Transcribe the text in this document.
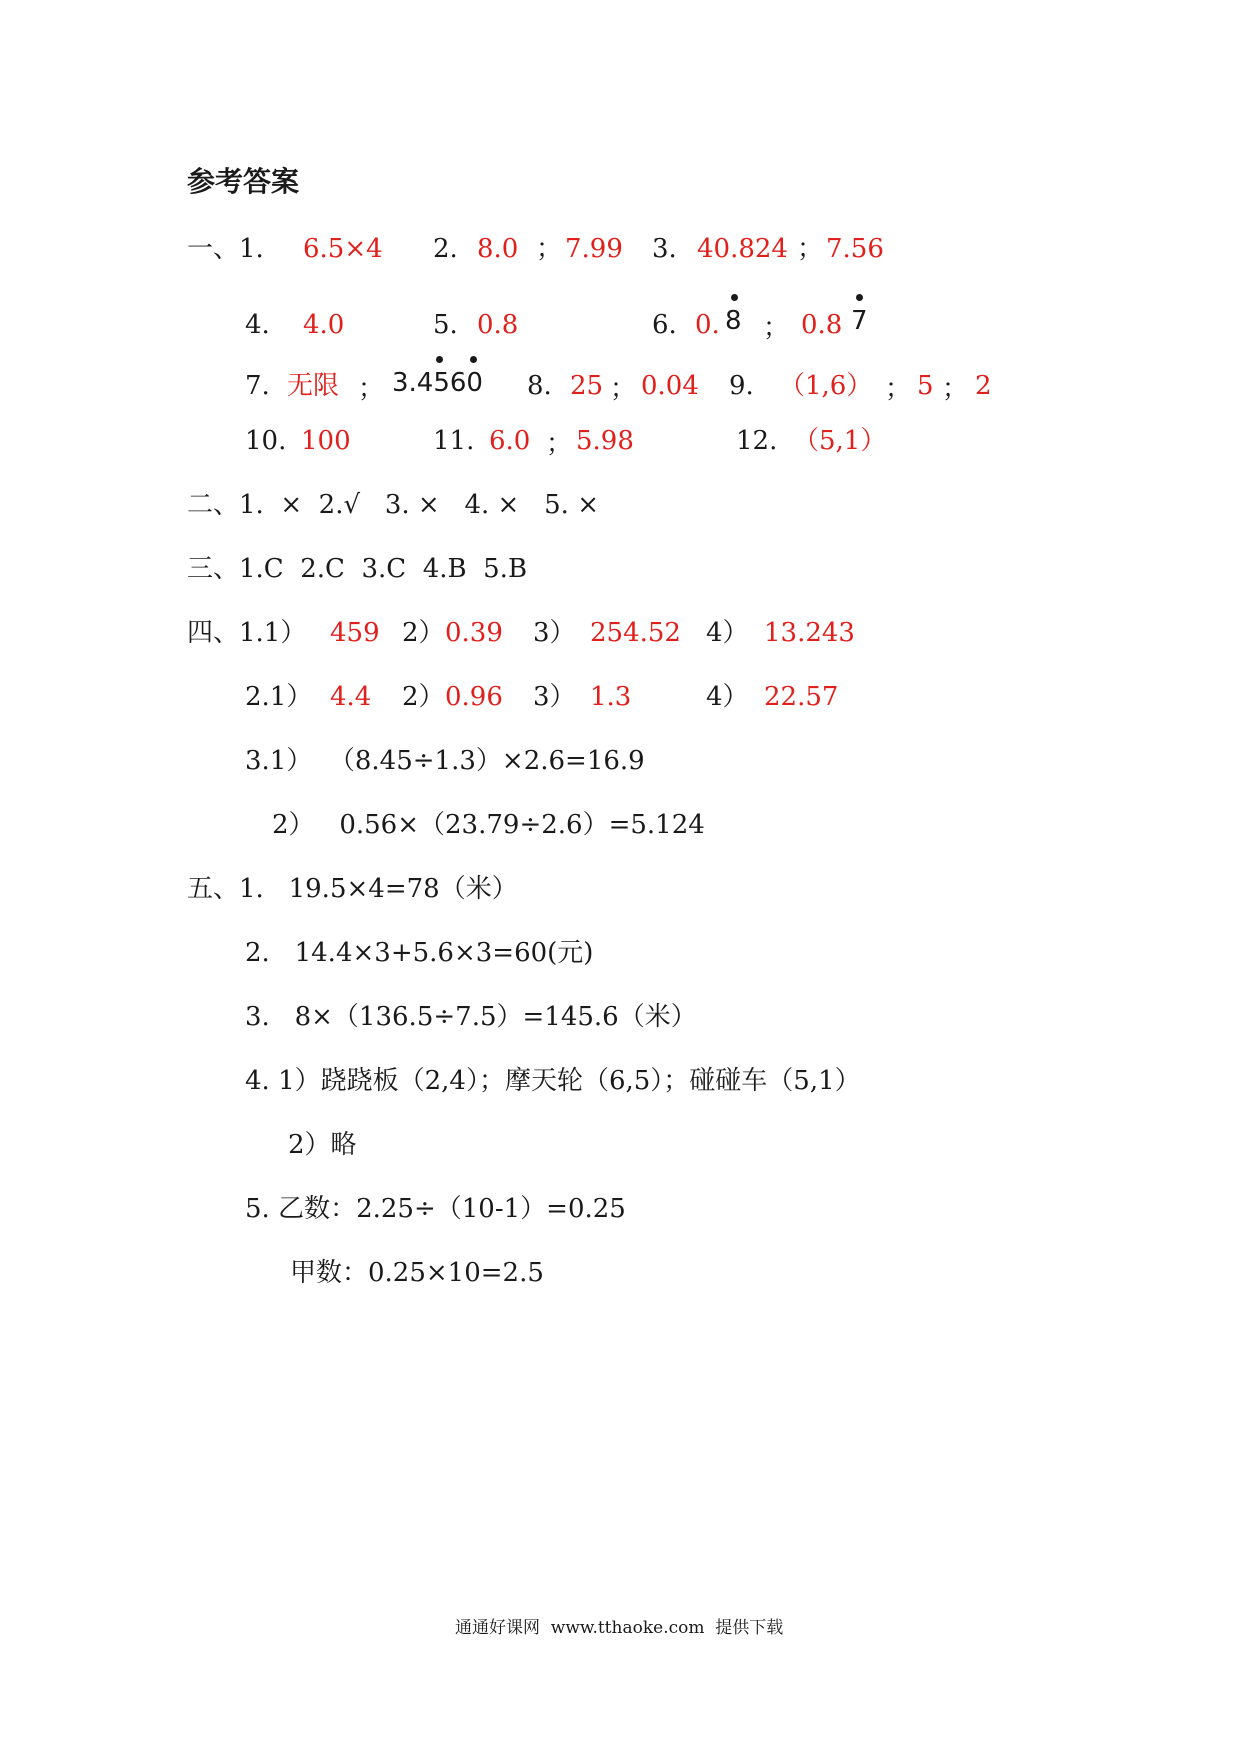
参考答案
一、1. 6.5×4 2. 8.0 ； 7.99 3. 40.824 ； 7.56
4. 4.0	5. 0.8	6. 0. 8 ； 0.8 7
7. 无限 ； 3.4560 8. 25 ； 0.04 9. （1,6） ； 5 ； 2
10. 100	11. 6.0 ； 5.98	12. （5,1）
二、1.  ×  2.√   3. ×   4. ×   5. ×
三、1.C  2.C  3.C  4.B  5.B
四、1.1） 459 2） 0.39 3） 254.52 4） 13.243
2.1） 4.4 2） 0.96 3） 1.3	4） 22.57
3.1）  （8.45÷1.3）×2.6=16.9
2）   0.56×（23.79÷2.6）=5.124
五、1.   19.5×4=78（米）
2.   14.4×3+5.6×3=60(元)
3.   8×（136.5÷7.5）=145.6（米）
4. 1）跷跷板（2,4）；摩天轮（6,5）；碰碰车（5,1）
2）略
5. 乙数：2.25÷（10-1）=0.25
甲数：0.25×10=2.5
通通好课网  www.tthaoke.com  提供下载
